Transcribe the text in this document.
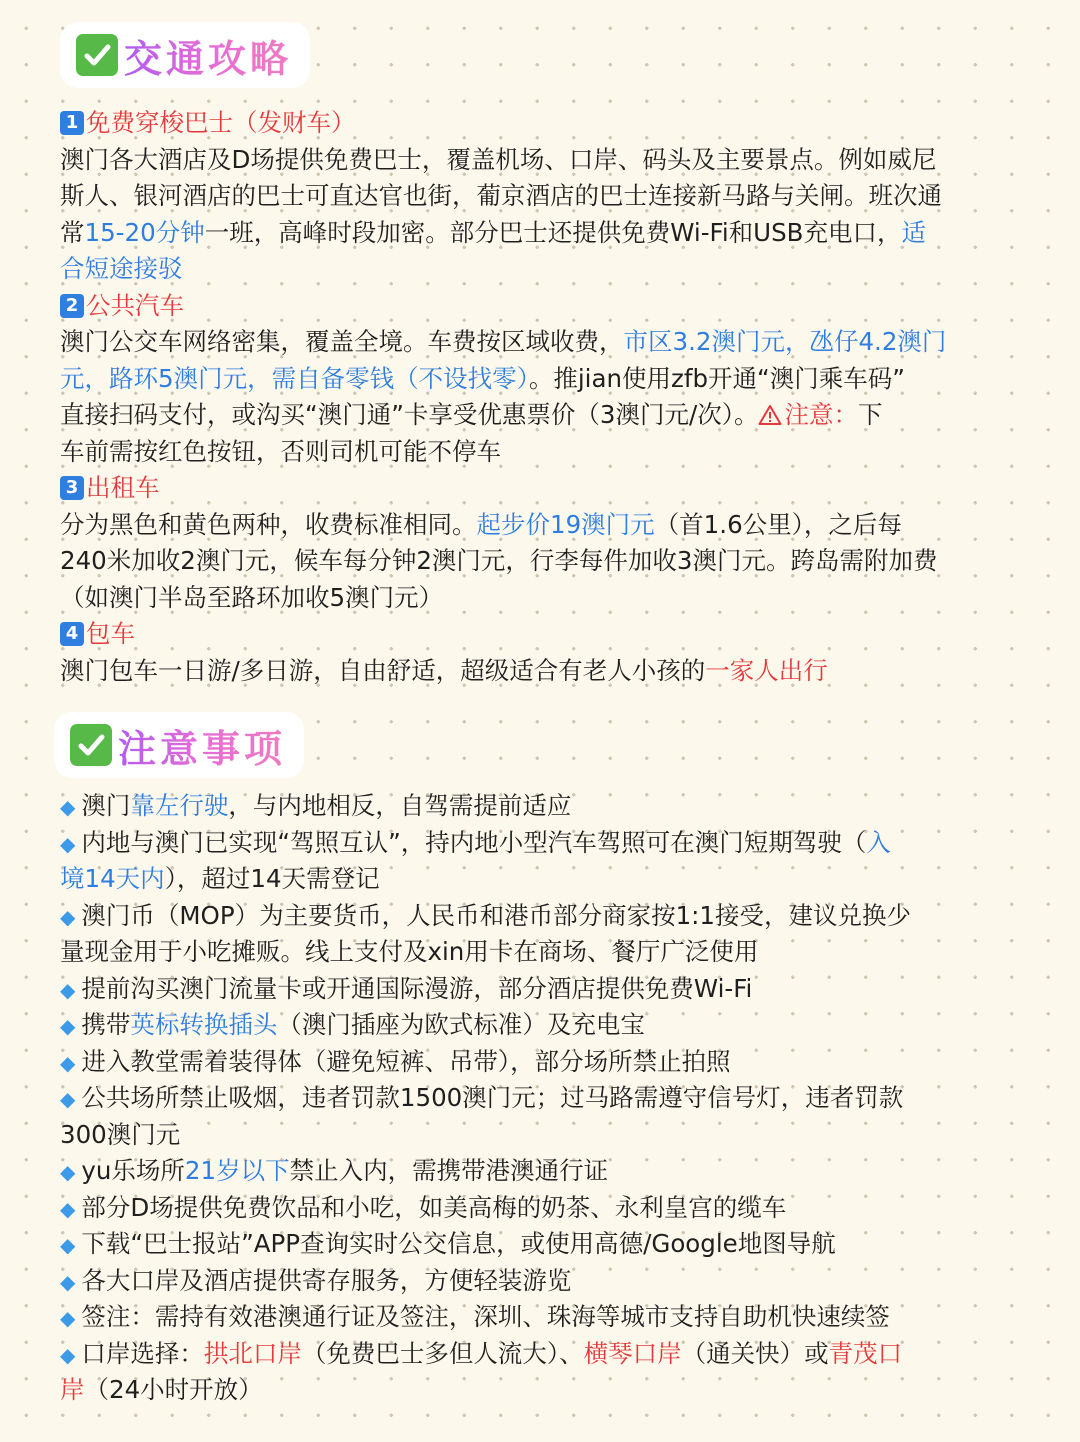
交通攻略
1 免费穿梭巴士（发财车）
澳门各大酒店及D场提供免费巴士，覆盖机场、口岸、码头及主要景点。例如威尼
斯人、银河酒店的巴士可直达官也街，葡京酒店的巴士连接新马路与关闸。班次通
常15-20分钟一班，高峰时段加密。部分巴士还提供免费Wi-Fi和USB充电口，适
合短途接驳
2 公共汽车
澳门公交车网络密集，覆盖全境。车费按区域收费，市区3.2澳门元，氹仔4.2澳门
元，路环5澳门元，需自备零钱（不设找零）。推jian使用zfb开通“澳门乘车码”
直接扫码支付，或沟买“澳门通”卡享受优惠票价（3澳门元/次）。 注意：下
车前需按红色按钮，否则司机可能不停车
3 出租车
分为黑色和黄色两种，收费标准相同。起步价19澳门元（首1.6公里），之后每
240米加收2澳门元，候车每分钟2澳门元，行李每件加收3澳门元。跨岛需附加费
（如澳门半岛至路环加收5澳门元）
4 包车
澳门包车一日游/多日游，自由舒适，超级适合有老人小孩的一家人出行
注意事项
◆ 澳门靠左行驶，与内地相反，自驾需提前适应
◆ 内地与澳门已实现“驾照互认”，持内地小型汽车驾照可在澳门短期驾驶（入
境14天内），超过14天需登记
◆ 澳门币（MOP）为主要货币，人民币和港币部分商家按1:1接受，建议兑换少
量现金用于小吃摊贩。线上支付及xin用卡在商场、餐厅广泛使用
◆ 提前沟买澳门流量卡或开通国际漫游，部分酒店提供免费Wi-Fi
◆ 携带英标转换插头（澳门插座为欧式标准）及充电宝
◆ 进入教堂需着装得体（避免短裤、吊带），部分场所禁止拍照
◆ 公共场所禁止吸烟，违者罚款1500澳门元；过马路需遵守信号灯，违者罚款
300澳门元
◆ yu乐场所21岁以下禁止入内，需携带港澳通行证
◆ 部分D场提供免费饮品和小吃，如美高梅的奶茶、永利皇宫的缆车
◆ 下载“巴士报站”APP查询实时公交信息，或使用高德/Google地图导航
◆ 各大口岸及酒店提供寄存服务，方便轻装游览
◆ 签注：需持有效港澳通行证及签注，深圳、珠海等城市支持自助机快速续签
◆ 口岸选择：拱北口岸（免费巴士多但人流大）、横琴口岸（通关快）或青茂口
岸（24小时开放）
